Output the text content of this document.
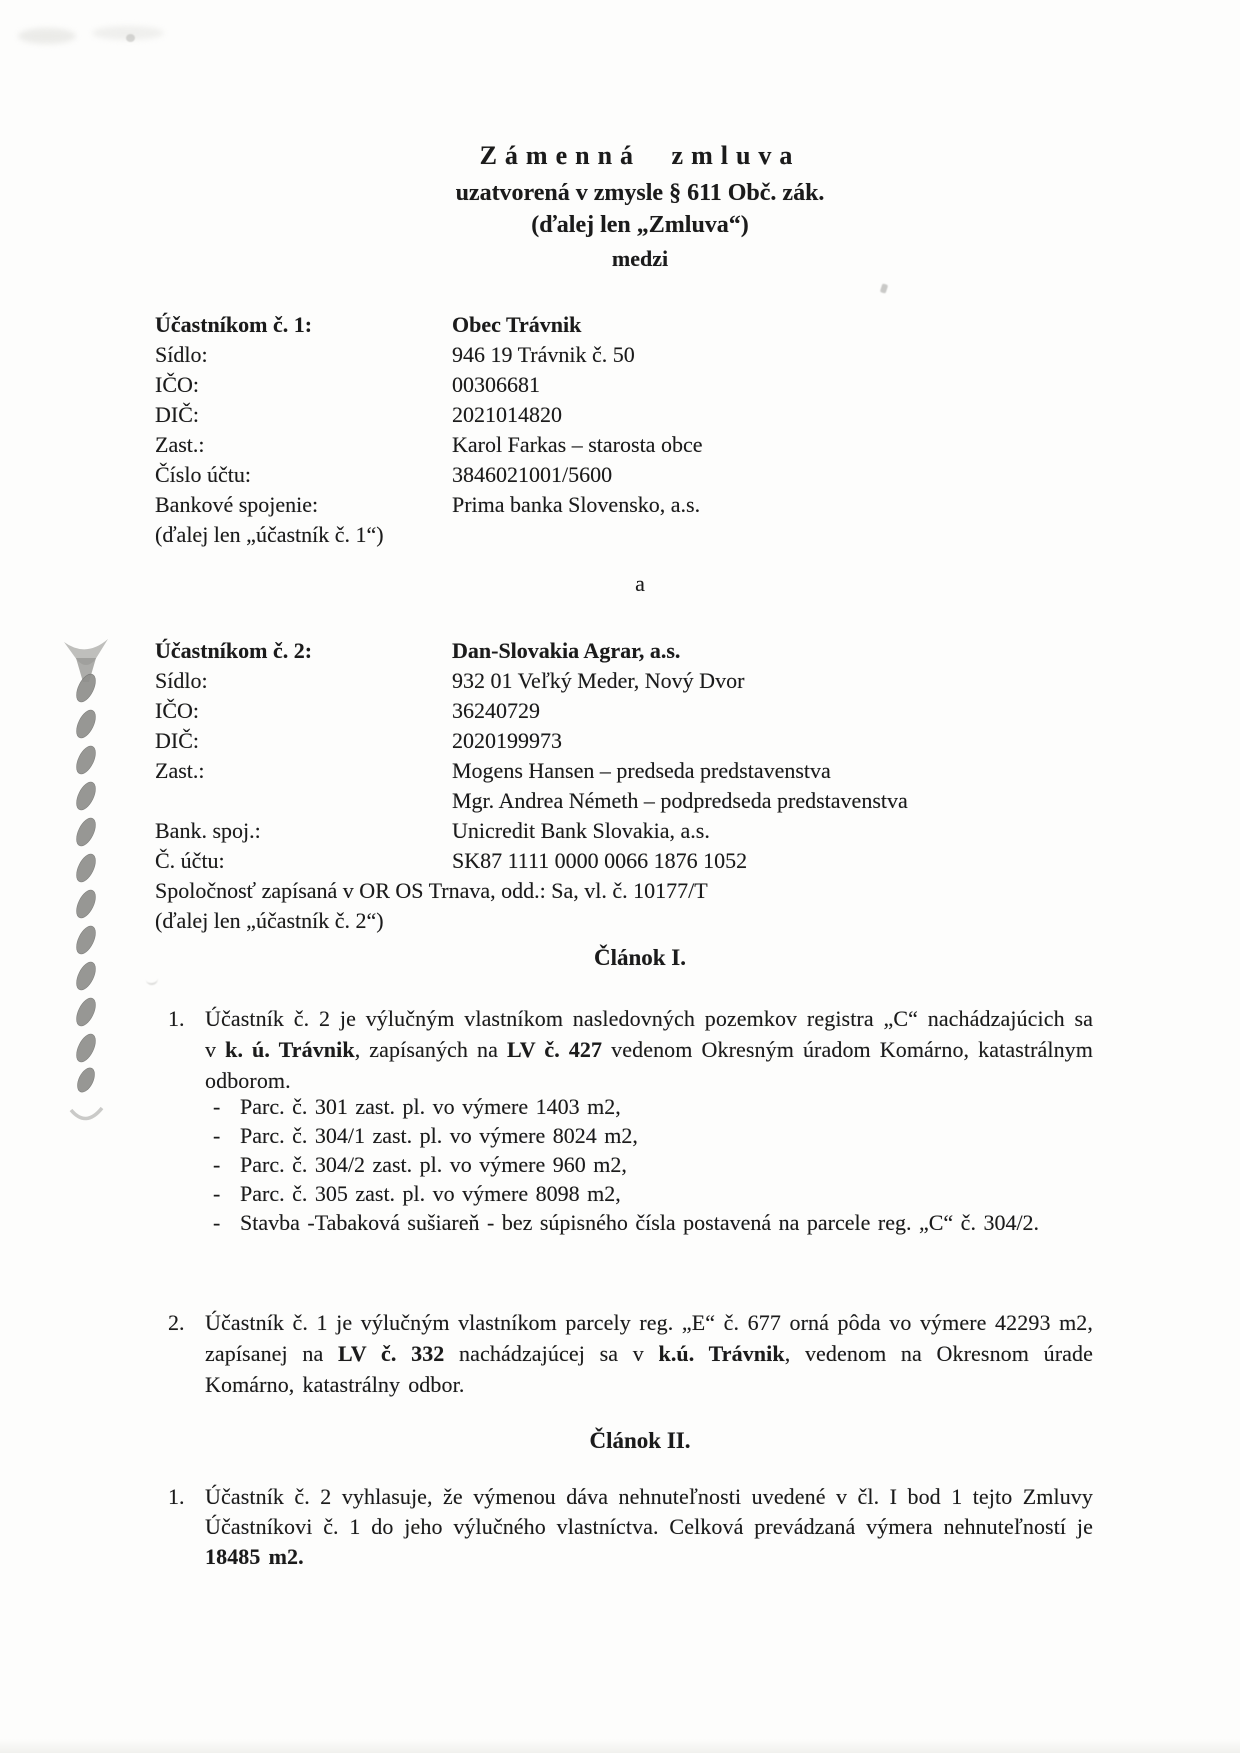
Zámenná zmluva
uzatvorená v zmysle § 611 Obč. zák.
(ďalej len „Zmluva“)
medzi
Účastníkom č. 1:	Obec Trávnik
Sídlo:	946 19 Trávnik č. 50
IČO:	00306681
DIČ:	2021014820
Zast.:	Karol Farkas – starosta obce
Číslo účtu:	3846021001/5600
Bankové spojenie:	Prima banka Slovensko, a.s.
(ďalej len „účastník č. 1“)
a
Účastníkom č. 2:	Dan-Slovakia Agrar, a.s.
Sídlo:	932 01 Veľký Meder, Nový Dvor
IČO:	36240729
DIČ:	2020199973
Zast.:	Mogens Hansen – predseda predstavenstva
Mgr. Andrea Németh – podpredseda predstavenstva
Bank. spoj.:	Unicredit Bank Slovakia, a.s.
Č. účtu:	SK87 1111 0000 0066 1876 1052
Spoločnosť zapísaná v OR OS Trnava, odd.: Sa, vl. č. 10177/T
(ďalej len „účastník č. 2“)
Článok I.
1. Účastník č. 2 je výlučným vlastníkom nasledovných pozemkov registra „C“ nachádzajúcich sa v k. ú. Trávnik, zapísaných na LV č. 427 vedenom Okresným úradom Komárno, katastrálnym odborom.
- Parc. č. 301 zast. pl. vo výmere 1403 m2,
- Parc. č. 304/1 zast. pl. vo výmere 8024 m2,
- Parc. č. 304/2 zast. pl. vo výmere 960 m2,
- Parc. č. 305 zast. pl. vo výmere 8098 m2,
- Stavba -Tabaková sušiareň - bez súpisného čísla postavená na parcele reg. „C“ č. 304/2.
2. Účastník č. 1 je výlučným vlastníkom parcely reg. „E“ č. 677 orná pôda vo výmere 42293 m2, zapísanej na LV č. 332 nachádzajúcej sa v k.ú. Trávnik, vedenom na Okresnom úrade Komárno, katastrálny odbor.
Článok II.
1. Účastník č. 2 vyhlasuje, že výmenou dáva nehnuteľnosti uvedené v čl. I bod 1 tejto Zmluvy Účastníkovi č. 1 do jeho výlučného vlastníctva. Celková prevádzaná výmera nehnuteľností je 18485 m2.
